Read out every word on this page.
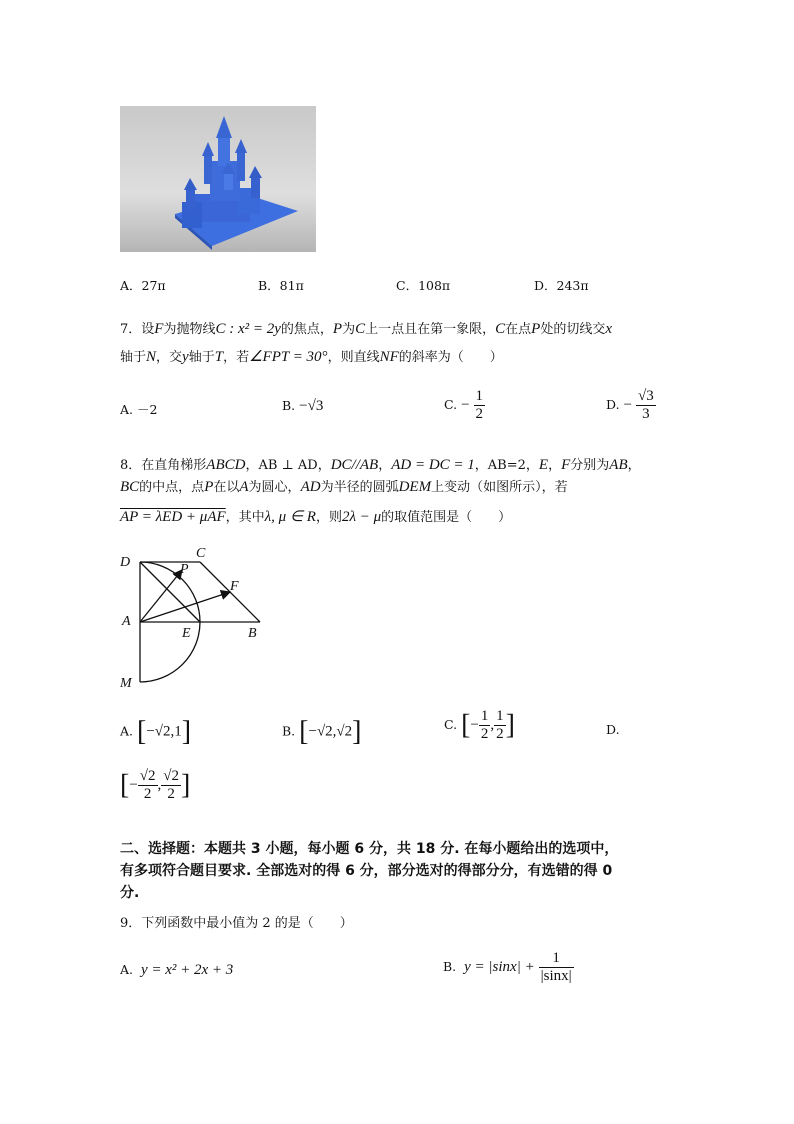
A．27π	B．81π	C．108π	D．243π
7．设F为抛物线C : x² = 2y的焦点，P为C上一点且在第一象限，C在点P处的切线交x
轴于N，交y轴于T，若∠FPT = 30°，则直线NF的斜率为（　　）
A. －2	B. −√3	C. − $\frac{1}{2}$	D. − $\frac{√3}{3}$
8．在直角梯形ABCD，AB ⊥ AD，DC//AB，AD = DC = 1，AB=2，E，F分别为AB，
BC的中点，点P在以A为圆心，AD为半径的圆弧DEM上变动（如图所示），若
AP = λED + μAF，其中λ, μ ∈ R，则2λ − μ的取值范围是（　　）
D
C
P
F
A
E	B
M
A. [−√2,1]	B. [−√2,√2]	C. [− $\frac{1}{2}$ , $\frac{1}{2}$ ]	D.
[− $\frac{√2}{2}$ , $\frac{√2}{2}$ ]
二、选择题：本题共 3 小题，每小题 6 分，共 18 分. 在每小题给出的选项中，
有多项符合题目要求. 全部选对的得 6 分，部分选对的得部分分，有选错的得 0
分.
9．下列函数中最小值为 2 的是（　　）
A. y = x² + 2x + 3	B. $y = |\sin x| + \frac{1}{|\sin x|}$
